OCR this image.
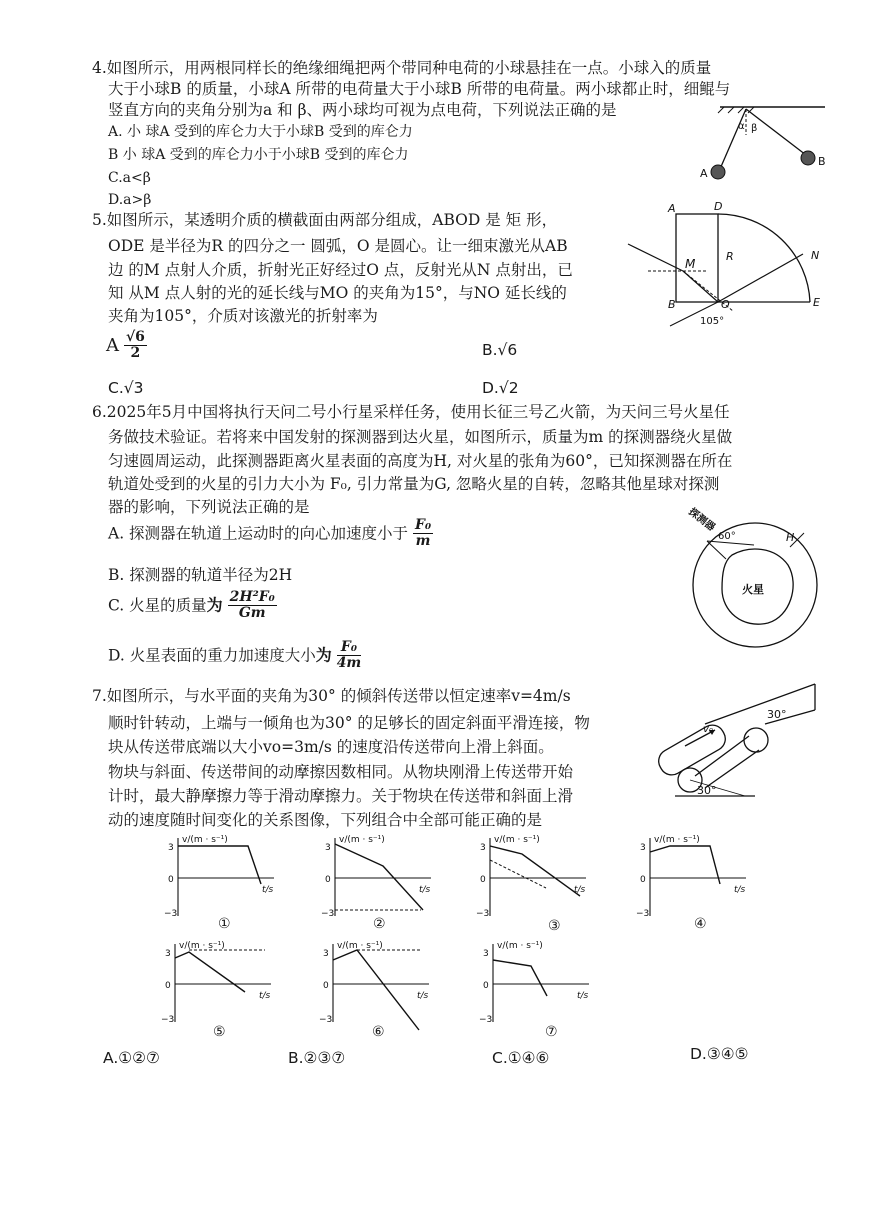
4.如图所示，用两根同样长的绝缘细绳把两个带同种电荷的小球悬挂在一点。小球入的质量
大于小球B 的质量，小球A 所带的电荷量大于小球B 所带的电荷量。两小球都止时，细鲲与
竖直方向的夹角分别为a 和 β、两小球均可视为点电荷，下列说法正确的是
A. 小 球A 受到的库仑力大于小球B 受到的库仑力
B 小 球A 受到的库仑力小于小球B 受到的库仑力
C.a<β
D.a>β
α β
A
B
5.如图所示，某透明介质的横截面由两部分组成，ABOD 是 矩 形，
ODE 是半径为R 的四分之一 圆弧，O 是圆心。让一细束激光从AB
边 的M 点射人介质，折射光正好经过O 点，反射光从N 点射出，已
知 从M 点人射的光的延长线与MO 的夹角为15°，与NO 延长线的
夹角为105°，介质对该激光的折射率为
A $\frac{√6}{2}$	B.√6
C.√3	D.√2
A	D
R	N
M
B	O	E
105°
6.2025年5月中国将执行天问二号小行星采样任务，使用长征三号乙火箭，为天问三号火星任
务做技术验证。若将来中国发射的探测器到达火星，如图所示，质量为m 的探测器绕火星做
匀速圆周运动，此探测器距离火星表面的高度为H, 对火星的张角为60°，已知探测器在所在
轨道处受到的火星的引力大小为 F₀, 引力常量为G, 忽略火星的自转，忽略其他星球对探测
器的影响，下列说法正确的是
A. 探测器在轨道上运动时的向心加速度小于 $\frac{\text{F₀}}{m}$
B. 探测器的轨道半径为2H
C. 火星的质量为 $\frac{\text{2H²F₀}}{Gm}$
D. 火星表面的重力加速度大小为 $\frac{\text{F₀}}{4m}$
探测器
60°	H
火星
7.如图所示，与水平面的夹角为30° 的倾斜传送带以恒定速率v=4m/s
顺时针转动，上端与一倾角也为30° 的足够长的固定斜面平滑连接，物
块从传送带底端以大小vo=3m/s 的速度沿传送带向上滑上斜面。
物块与斜面、传送带间的动摩擦因数相同。从物块刚滑上传送带开始
计时，最大静摩擦力等于滑动摩擦力。关于物块在传送带和斜面上滑
动的速度随时间变化的关系图像，下列组合中全部可能正确的是
v₀
30°
30°
v/(m · s⁻¹)
t/s
3
0
−3
v/(m · s⁻¹)
t/s
3
0
−3
v/(m · s⁻¹)
t/s
3
0
−3
v/(m · s⁻¹)
t/s
3
0
−3
v/(m · s⁻¹)
t/s
3
0
−3
v/(m · s⁻¹)
t/s
3
0
−3
v/(m · s⁻¹)
t/s
3
0
−3
①	②	③	④
⑤	⑥	⑦
A.①②⑦	B.②③⑦	C.①④⑥	D.③④⑤
